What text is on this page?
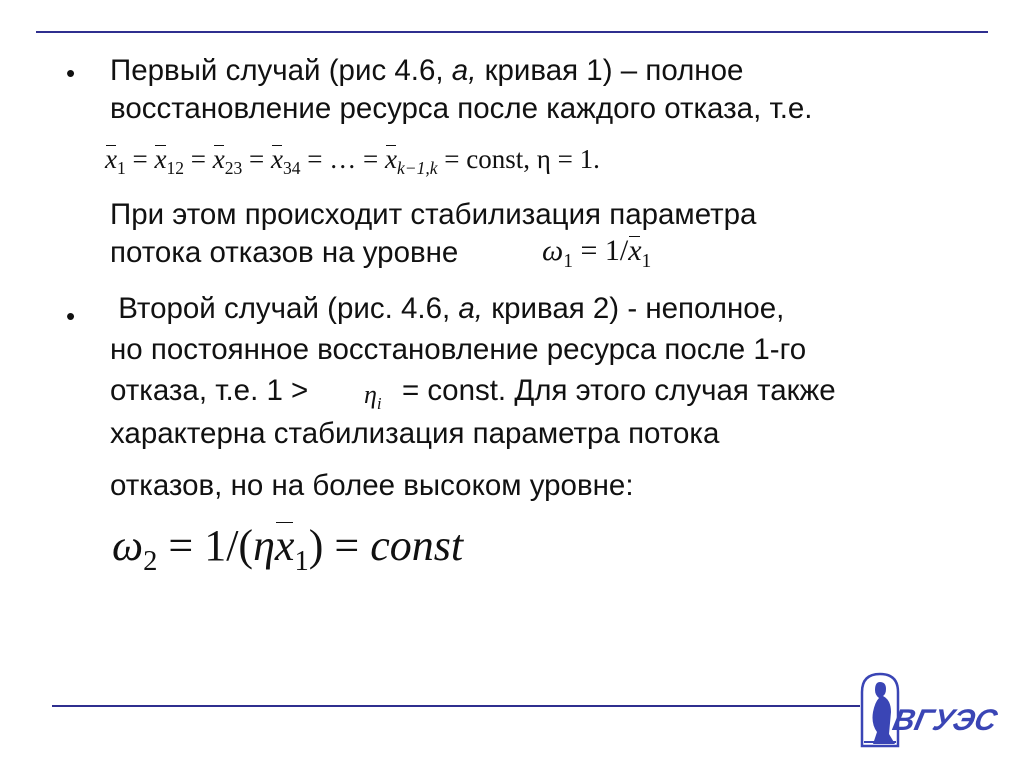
• Первый случай (рис 4.6, а, кривая 1) – полное
восстановление ресурса после каждого отказа, т.е.
$x_1 = x_{12} = x_{23} = x_{34}$ = … = $x_{k-1,k}$ = const, η = 1.
При этом происходит стабилизация параметра
потока отказов на уровне	$\omega_1 = 1/x_1$
• Второй случай (рис. 4.6, а, кривая 2) - неполное,
но постоянное восстановление ресурса после 1-го
отказа, т.е. $1 > \eta_i$ = const. Для этого случая также
характерна стабилизация параметра потока
отказов, но на более высоком уровне:
$\omega_2 = 1/(\eta x_1)$ = const
ВГУЭС
